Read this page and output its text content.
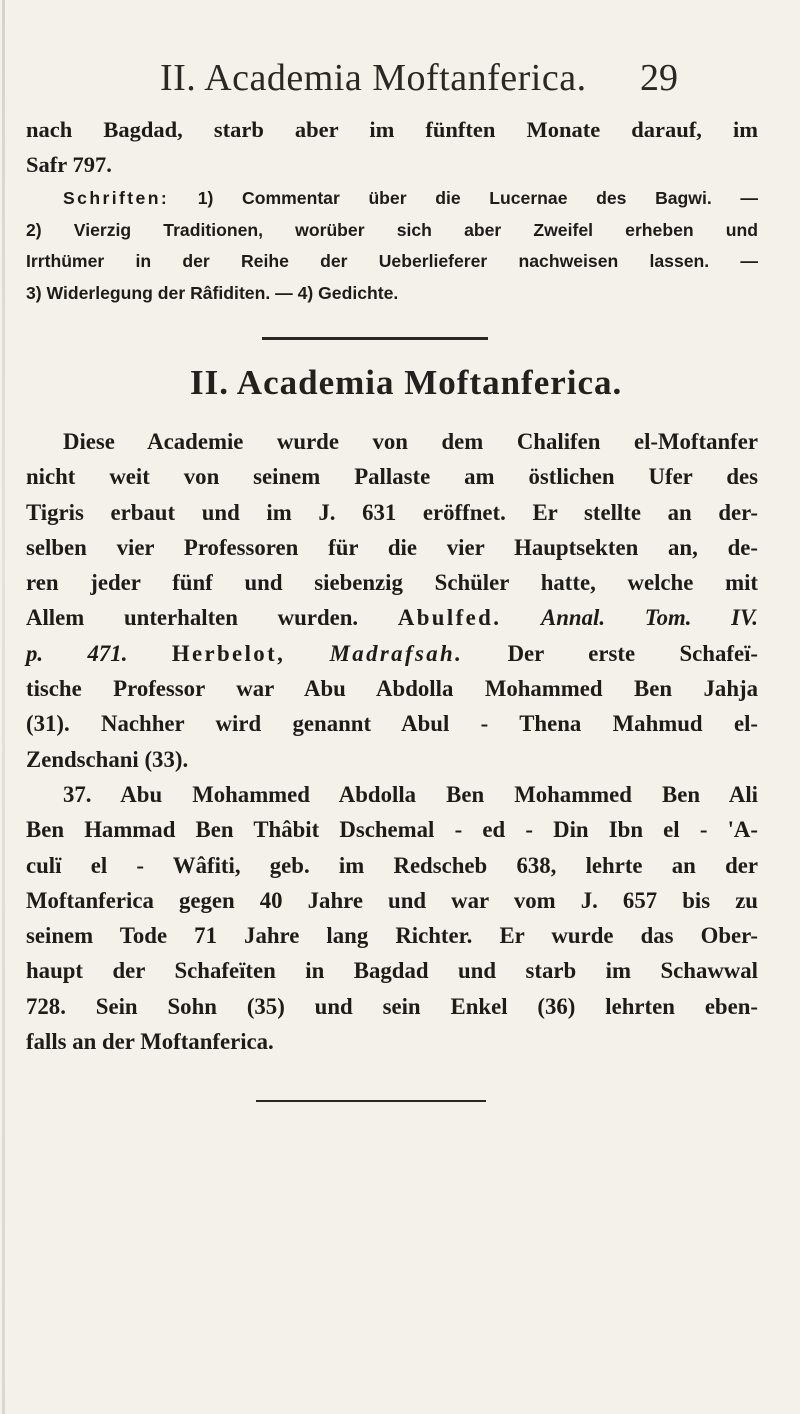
II. Academia Moftanferica.	29
nach Bagdad, starb aber im fünften Monate darauf, im
Safr 797.
Schriften: 1) Commentar über die Lucernae des Bagwi. —
2) Vierzig Traditionen, worüber sich aber Zweifel erheben und
Irrthümer in der Reihe der Ueberlieferer nachweisen lassen. —
3) Widerlegung der Râfiditen. — 4) Gedichte.
II. Academia Moftanferica.
Diese Academie wurde von dem Chalifen el-Moftanfer
nicht weit von seinem Pallaste am östlichen Ufer des
Tigris erbaut und im J. 631 eröffnet. Er stellte an der-
selben vier Professoren für die vier Hauptsekten an, de-
ren jeder fünf und siebenzig Schüler hatte, welche mit
Allem unterhalten wurden. Abulfed. Annal. Tom. IV.
p. 471. Herbelot, Madrafsah. Der erste Schafeï-
tische Professor war Abu Abdolla Mohammed Ben Jahja
(31). Nachher wird genannt Abul - Thena Mahmud el-
Zendschani (33).
37. Abu Mohammed Abdolla Ben Mohammed Ben Ali
Ben Hammad Ben Thâbit Dschemal - ed - Din Ibn el - 'A-
culï el - Wâfiti, geb. im Redscheb 638, lehrte an der
Moftanferica gegen 40 Jahre und war vom J. 657 bis zu
seinem Tode 71 Jahre lang Richter. Er wurde das Ober-
haupt der Schafeïten in Bagdad und starb im Schawwal
728. Sein Sohn (35) und sein Enkel (36) lehrten eben-
falls an der Moftanferica.
